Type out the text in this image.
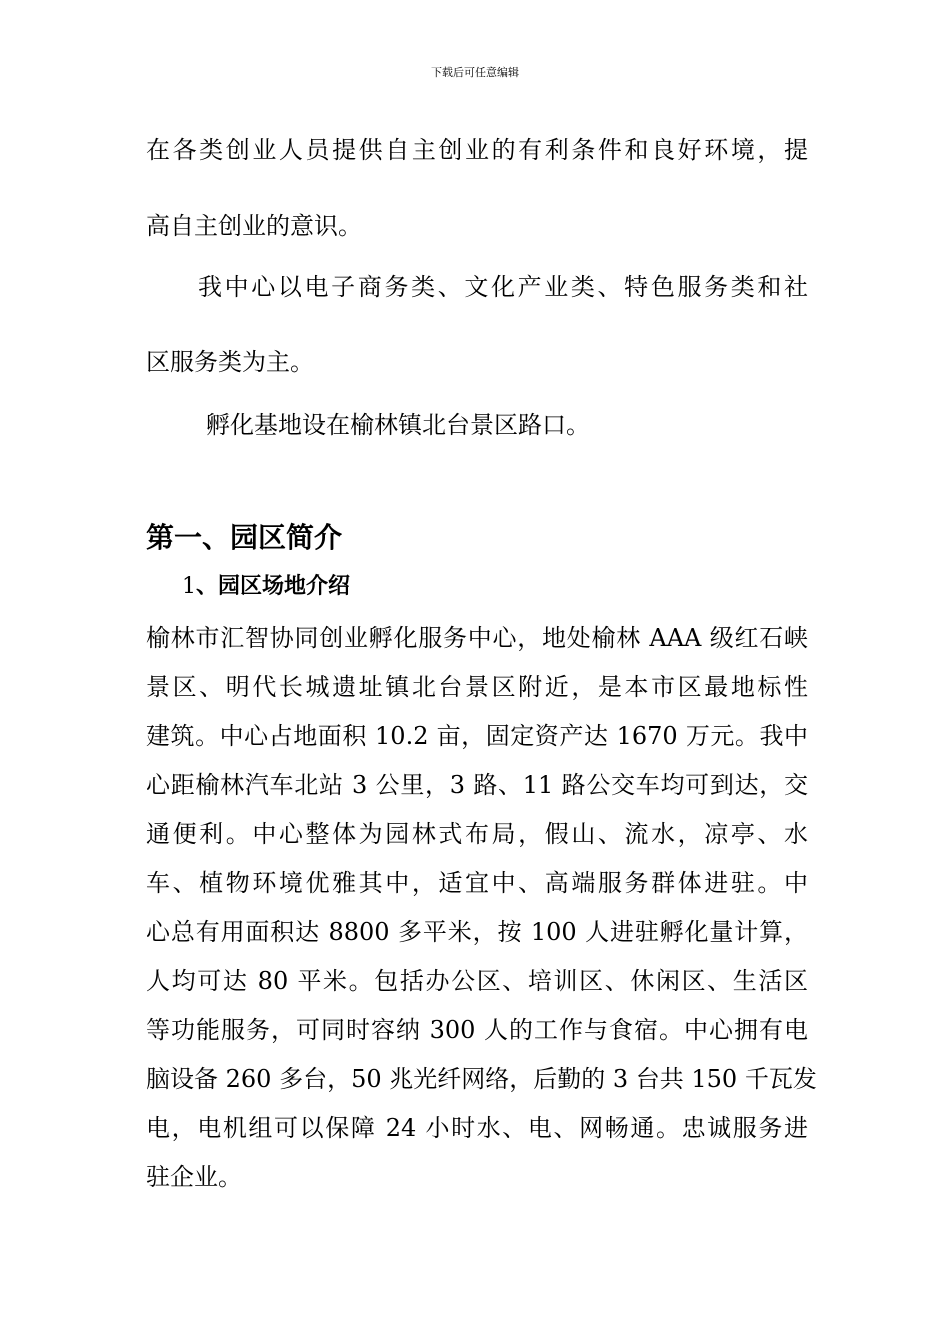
下载后可任意编辑
在各类创业人员提供自主创业的有利条件和良好环境，提
高自主创业的意识。
我中心以电子商务类、文化产业类、特色服务类和社
区服务类为主。
孵化基地设在榆林镇北台景区路口。
第一、园区简介
1、园区场地介绍
榆林市汇智协同创业孵化服务中心，地处榆林 AAA 级红石峡
景区、明代长城遗址镇北台景区附近，是本市区最地标性
建筑。中心占地面积 10.2 亩，固定资产达 1670 万元。我中
心距榆林汽车北站 3 公里，3 路、11 路公交车均可到达，交
通便利。中心整体为园林式布局，假山、流水，凉亭、水
车、植物环境优雅其中，适宜中、高端服务群体进驻。中
心总有用面积达 8800 多平米，按 100 人进驻孵化量计算，
人均可达 80 平米。包括办公区、培训区、休闲区、生活区
等功能服务，可同时容纳 300 人的工作与食宿。中心拥有电
脑设备 260 多台，50 兆光纤网络，后勤的 3 台共 150 千瓦发
电，电机组可以保障 24 小时水、电、网畅通。忠诚服务进
驻企业。
